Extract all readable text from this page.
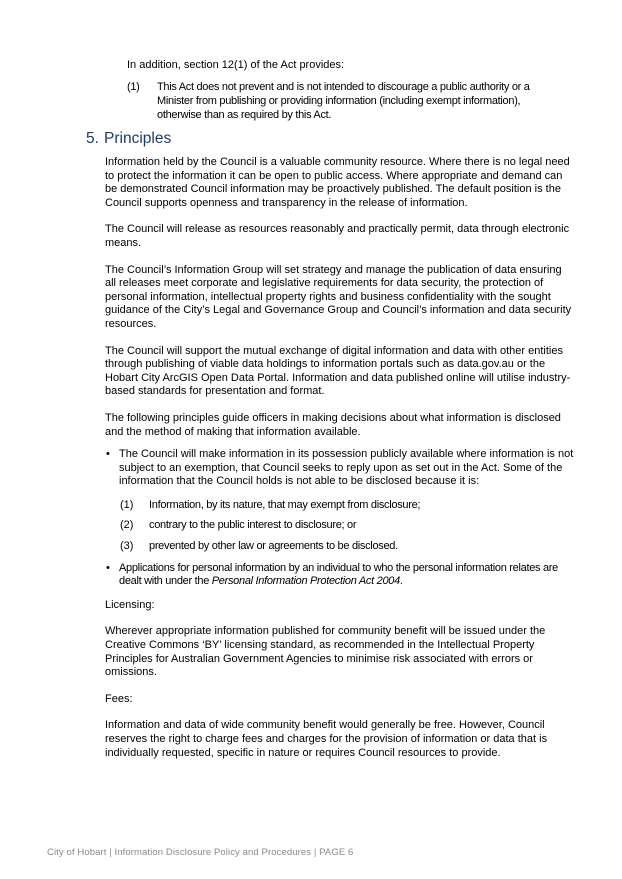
In addition, section 12(1) of the Act provides:
(1) This Act does not prevent and is not intended to discourage a public authority or a Minister from publishing or providing information (including exempt information), otherwise than as required by this Act.
5. Principles

Information held by the Council is a valuable community resource. Where there is no legal need to protect the information it can be open to public access. Where appropriate and demand can be demonstrated Council information may be proactively published. The default position is the Council supports openness and transparency in the release of information.

The Council will release as resources reasonably and practically permit, data through electronic means.

The Council’s Information Group will set strategy and manage the publication of data ensuring all releases meet corporate and legislative requirements for data security, the protection of personal information, intellectual property rights and business confidentiality with the sought guidance of the City’s Legal and Governance Group and Council’s information and data security resources.

The Council will support the mutual exchange of digital information and data with other entities through publishing of viable data holdings to information portals such as data.gov.au or the Hobart City ArcGIS Open Data Portal. Information and data published online will utilise industry-based standards for presentation and format.

The following principles guide officers in making decisions about what information is disclosed and the method of making that information available.

• The Council will make information in its possession publicly available where information is not subject to an exemption, that Council seeks to reply upon as set out in the Act. Some of the information that the Council holds is not able to be disclosed because it is:
(1) Information, by its nature, that may exempt from disclosure;
(2) contrary to the public interest to disclosure; or
(3) prevented by other law or agreements to be disclosed.
• Applications for personal information by an individual to who the personal information relates are dealt with under the Personal Information Protection Act 2004.

Licensing:

Wherever appropriate information published for community benefit will be issued under the Creative Commons ‘BY’ licensing standard, as recommended in the Intellectual Property Principles for Australian Government Agencies to minimise risk associated with errors or omissions.

Fees:

Information and data of wide community benefit would generally be free. However, Council reserves the right to charge fees and charges for the provision of information or data that is individually requested, specific in nature or requires Council resources to provide.

City of Hobart | Information Disclosure Policy and Procedures | PAGE 6
